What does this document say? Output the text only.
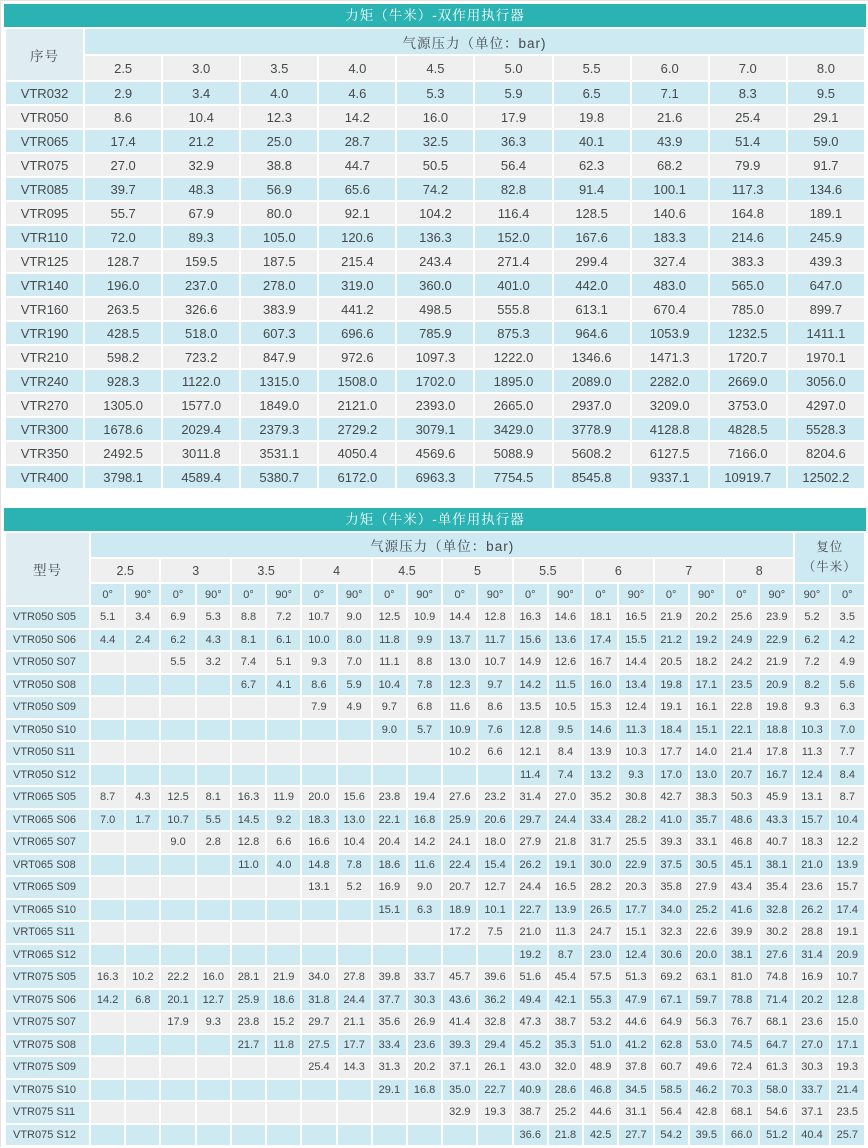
力矩（牛米）-双作用执行器
序号	气源压力（单位：bar)									
	2.5	3.0	3.5	4.0	4.5	5.0	5.5	6.0	7.0	8.0
VTR032	2.9	3.4	4.0	4.6	5.3	5.9	6.5	7.1	8.3	9.5
VTR050	8.6	10.4	12.3	14.2	16.0	17.9	19.8	21.6	25.4	29.1
VTR065	17.4	21.2	25.0	28.7	32.5	36.3	40.1	43.9	51.4	59.0
VTR075	27.0	32.9	38.8	44.7	50.5	56.4	62.3	68.2	79.9	91.7
VTR085	39.7	48.3	56.9	65.6	74.2	82.8	91.4	100.1	117.3	134.6
VTR095	55.7	67.9	80.0	92.1	104.2	116.4	128.5	140.6	164.8	189.1
VTR110	72.0	89.3	105.0	120.6	136.3	152.0	167.6	183.3	214.6	245.9
VTR125	128.7	159.5	187.5	215.4	243.4	271.4	299.4	327.4	383.3	439.3
VTR140	196.0	237.0	278.0	319.0	360.0	401.0	442.0	483.0	565.0	647.0
VTR160	263.5	326.6	383.9	441.2	498.5	555.8	613.1	670.4	785.0	899.7
VTR190	428.5	518.0	607.3	696.6	785.9	875.3	964.6	1053.9	1232.5	1411.1
VTR210	598.2	723.2	847.9	972.6	1097.3	1222.0	1346.6	1471.3	1720.7	1970.1
VTR240	928.3	1122.0	1315.0	1508.0	1702.0	1895.0	2089.0	2282.0	2669.0	3056.0
VTR270	1305.0	1577.0	1849.0	2121.0	2393.0	2665.0	2937.0	3209.0	3753.0	4297.0
VTR300	1678.6	2029.4	2379.3	2729.2	3079.1	3429.0	3778.9	4128.8	4828.5	5528.3
VTR350	2492.5	3011.8	3531.1	4050.4	4569.6	5088.9	5608.2	6127.5	7166.0	8204.6
VTR400	3798.1	4589.4	5380.7	6172.0	6963.3	7754.5	8545.8	9337.1	10919.7	12502.2
力矩（牛米）-单作用执行器
型号	气源压力（单位：bar)																				复位
（牛米）	

	2.5		3		3.5		4		4.5		5		5.5		6		7		8			
	0°	90°	0°	90°	0°	90°	0°	90°	0°	90°	0°	90°	0°	90°	0°	90°	0°	90°	0°	90°	90°	0°
VTR050 S05	5.1	3.4	6.9	5.3	8.8	7.2	10.7	9.0	12.5	10.9	14.4	12.8	16.3	14.6	18.1	16.5	21.9	20.2	25.6	23.9	5.2	3.5
VTR050 S06	4.4	2.4	6.2	4.3	8.1	6.1	10.0	8.0	11.8	9.9	13.7	11.7	15.6	13.6	17.4	15.5	21.2	19.2	24.9	22.9	6.2	4.2
VTR050 S07			5.5	3.2	7.4	5.1	9.3	7.0	11.1	8.8	13.0	10.7	14.9	12.6	16.7	14.4	20.5	18.2	24.2	21.9	7.2	4.9
VTR050 S08					6.7	4.1	8.6	5.9	10.4	7.8	12.3	9.7	14.2	11.5	16.0	13.4	19.8	17.1	23.5	20.9	8.2	5.6
VTR050 S09							7.9	4.9	9.7	6.8	11.6	8.6	13.5	10.5	15.3	12.4	19.1	16.1	22.8	19.8	9.3	6.3
VTR050 S10									9.0	5.7	10.9	7.6	12.8	9.5	14.6	11.3	18.4	15.1	22.1	18.8	10.3	7.0
VTR050 S11											10.2	6.6	12.1	8.4	13.9	10.3	17.7	14.0	21.4	17.8	11.3	7.7
VTR050 S12													11.4	7.4	13.2	9.3	17.0	13.0	20.7	16.7	12.4	8.4
VTR065 S05	8.7	4.3	12.5	8.1	16.3	11.9	20.0	15.6	23.8	19.4	27.6	23.2	31.4	27.0	35.2	30.8	42.7	38.3	50.3	45.9	13.1	8.7
VTR065 S06	7.0	1.7	10.7	5.5	14.5	9.2	18.3	13.0	22.1	16.8	25.9	20.6	29.7	24.4	33.4	28.2	41.0	35.7	48.6	43.3	15.7	10.4
VTR065 S07			9.0	2.8	12.8	6.6	16.6	10.4	20.4	14.2	24.1	18.0	27.9	21.8	31.7	25.5	39.3	33.1	46.8	40.7	18.3	12.2
VRT065 S08					11.0	4.0	14.8	7.8	18.6	11.6	22.4	15.4	26.2	19.1	30.0	22.9	37.5	30.5	45.1	38.1	21.0	13.9
VTR065 S09							13.1	5.2	16.9	9.0	20.7	12.7	24.4	16.5	28.2	20.3	35.8	27.9	43.4	35.4	23.6	15.7
VTR065 S10									15.1	6.3	18.9	10.1	22.7	13.9	26.5	17.7	34.0	25.2	41.6	32.8	26.2	17.4
VRT065 S11											17.2	7.5	21.0	11.3	24.7	15.1	32.3	22.6	39.9	30.2	28.8	19.1
VTR065 S12													19.2	8.7	23.0	12.4	30.6	20.0	38.1	27.6	31.4	20.9
VTR075 S05	16.3	10.2	22.2	16.0	28.1	21.9	34.0	27.8	39.8	33.7	45.7	39.6	51.6	45.4	57.5	51.3	69.2	63.1	81.0	74.8	16.9	10.7
VTR075 S06	14.2	6.8	20.1	12.7	25.9	18.6	31.8	24.4	37.7	30.3	43.6	36.2	49.4	42.1	55.3	47.9	67.1	59.7	78.8	71.4	20.2	12.8
VTR075 S07			17.9	9.3	23.8	15.2	29.7	21.1	35.6	26.9	41.4	32.8	47.3	38.7	53.2	44.6	64.9	56.3	76.7	68.1	23.6	15.0
VTR075 S08					21.7	11.8	27.5	17.7	33.4	23.6	39.3	29.4	45.2	35.3	51.0	41.2	62.8	53.0	74.5	64.7	27.0	17.1
VTR075 S09							25.4	14.3	31.3	20.2	37.1	26.1	43.0	32.0	48.9	37.8	60.7	49.6	72.4	61.3	30.3	19.3
VTR075 S10									29.1	16.8	35.0	22.7	40.9	28.6	46.8	34.5	58.5	46.2	70.3	58.0	33.7	21.4
VTR075 S11											32.9	19.3	38.7	25.2	44.6	31.1	56.4	42.8	68.1	54.6	37.1	23.5
VTR075 S12													36.6	21.8	42.5	27.7	54.2	39.5	66.0	51.2	40.4	25.7
